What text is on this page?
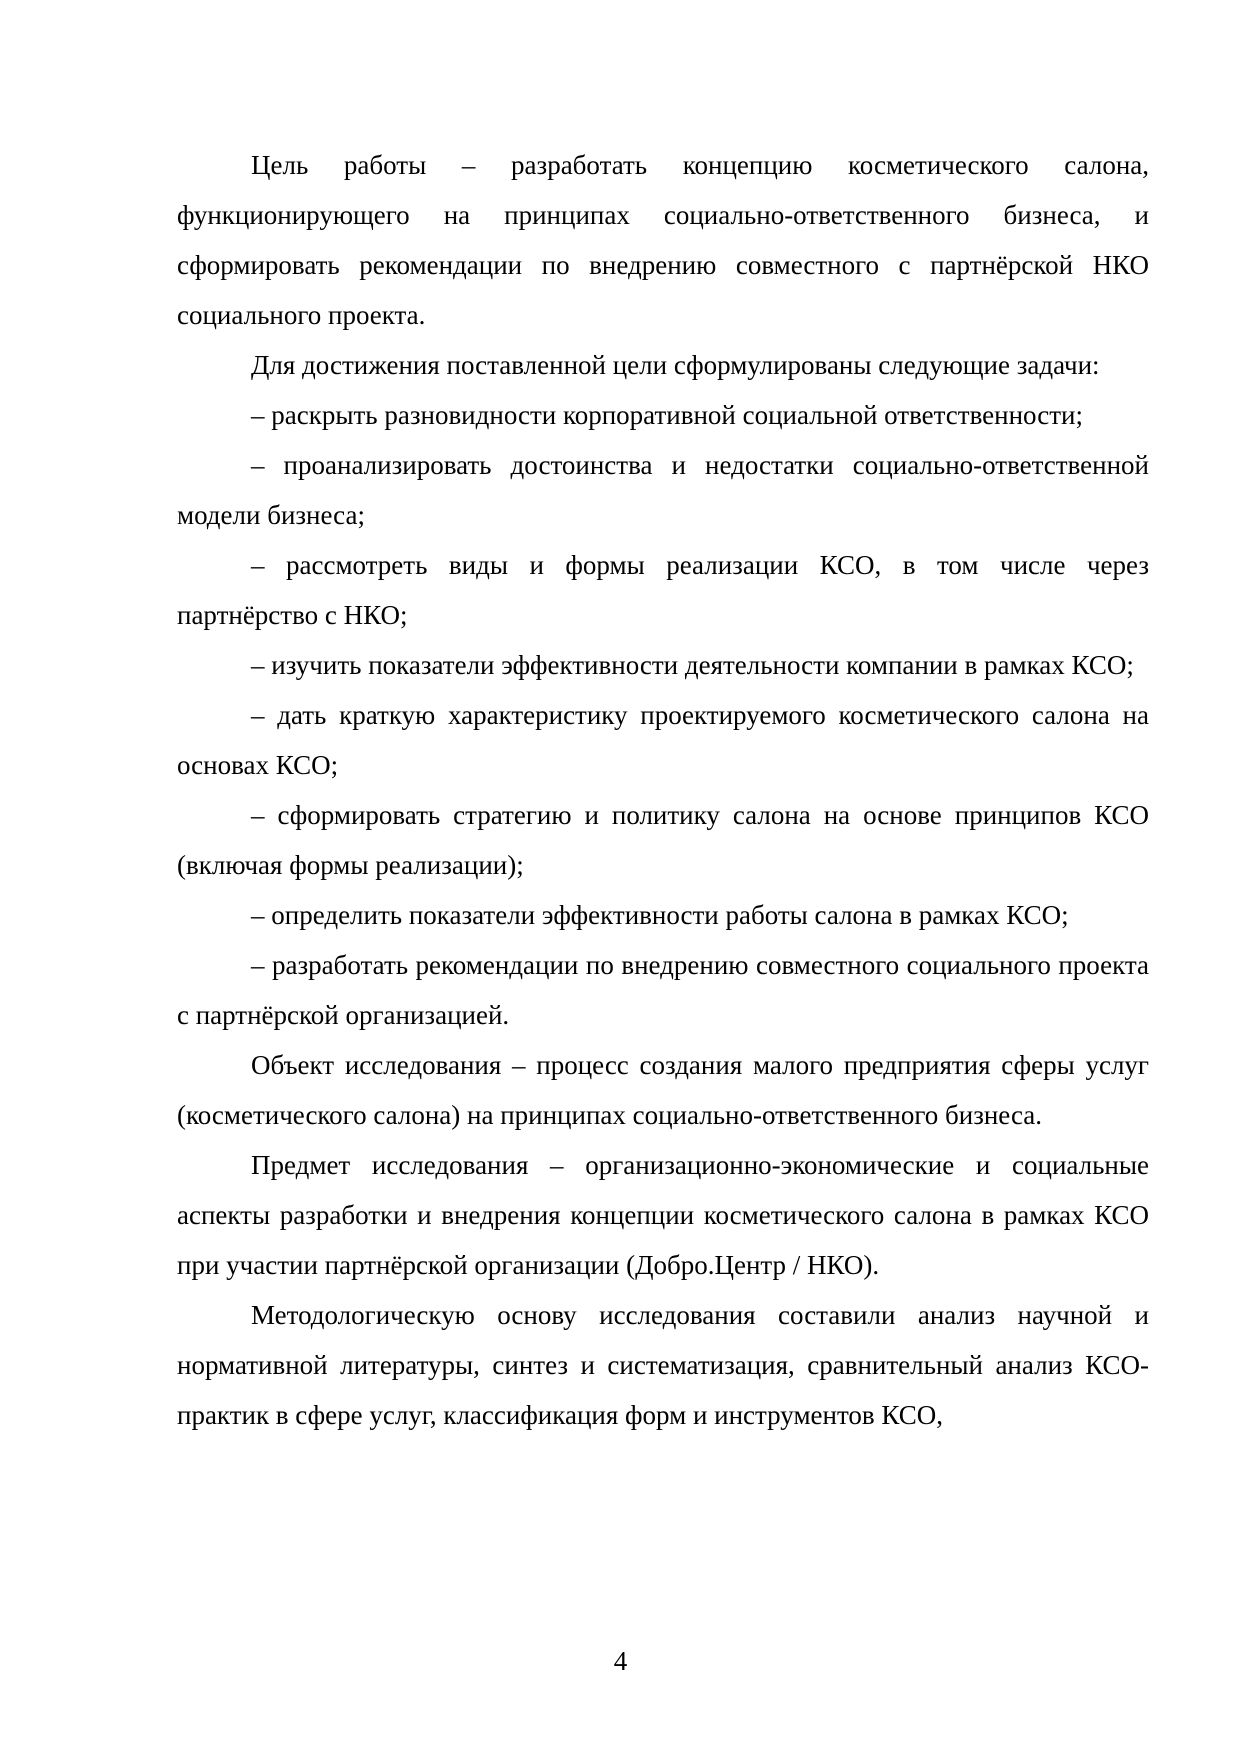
Цель работы – разработать концепцию косметического салона, функционирующего на принципах социально-ответственного бизнеса, и сформировать рекомендации по внедрению совместного с партнёрской НКО социального проекта.

Для достижения поставленной цели сформулированы следующие задачи:

– раскрыть разновидности корпоративной социальной ответственности;

– проанализировать достоинства и недостатки социально-ответственной модели бизнеса;

– рассмотреть виды и формы реализации КСО, в том числе через партнёрство с НКО;

– изучить показатели эффективности деятельности компании в рамках КСО;

– дать краткую характеристику проектируемого косметического салона на основах КСО;

– сформировать стратегию и политику салона на основе принципов КСО (включая формы реализации);

– определить показатели эффективности работы салона в рамках КСО;

– разработать рекомендации по внедрению совместного социального проекта с партнёрской организацией.

Объект исследования – процесс создания малого предприятия сферы услуг (косметического салона) на принципах социально-ответственного бизнеса.

Предмет исследования – организационно-экономические и социальные аспекты разработки и внедрения концепции косметического салона в рамках КСО при участии партнёрской организации (Добро.Центр / НКО).

Методологическую основу исследования составили анализ научной и нормативной литературы, синтез и систематизация, сравнительный анализ КСО-практик в сфере услуг, классификация форм и инструментов КСО,

4
